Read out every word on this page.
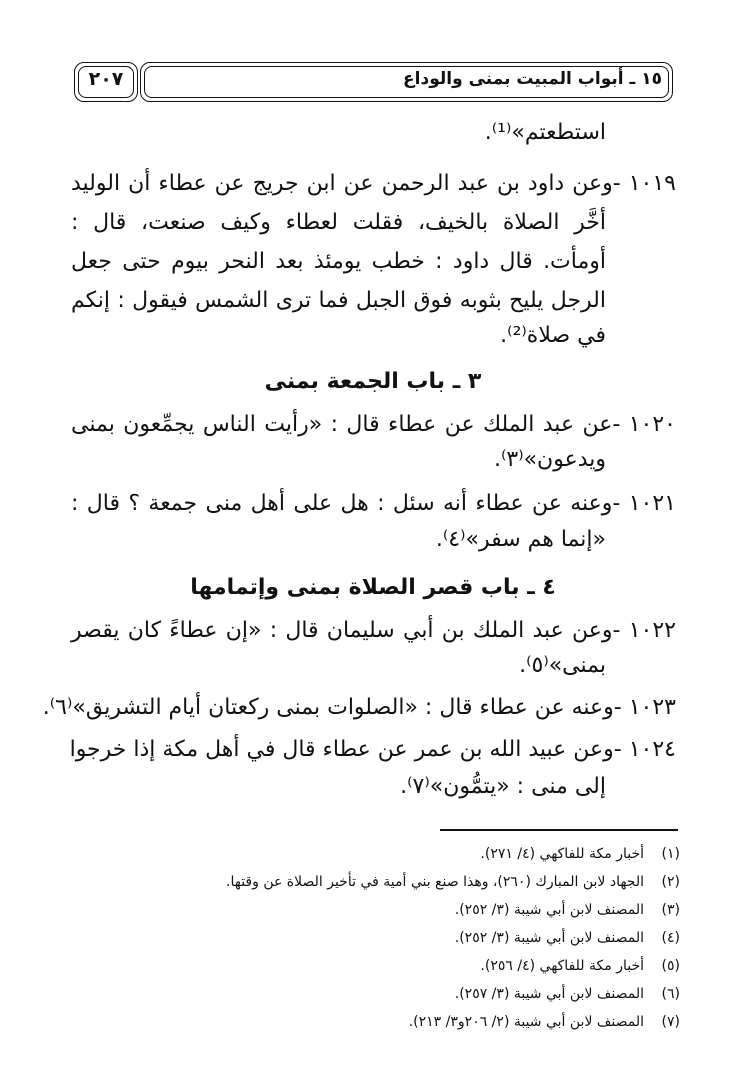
١٥ ـ أبواب المبيت بمنى والوداع
٢٠٧
استطعتم»⁽¹⁾.
١٠١٩ -وعن داود بن عبد الرحمن عن ابن جريج عن عطاء أن الوليد
أخَّر الصلاة بالخيف، فقلت لعطاء وكيف صنعت، قال :
أومأت. قال داود : خطب يومئذ بعد النحر بيوم حتى جعل
الرجل يليح بثوبه فوق الجبل فما ترى الشمس فيقول : إنكم
في صلاة⁽²⁾.
٣ ـ باب الجمعة بمنى
١٠٢٠ -عن عبد الملك عن عطاء قال : «رأيت الناس يجمِّعون بمنى
ويدعون»⁽٣⁾.
١٠٢١ -وعنه عن عطاء أنه سئل : هل على أهل منى جمعة ؟ قال :
«إنما هم سفر»⁽٤⁾.
٤ ـ باب قصر الصلاة بمنى وإتمامها
١٠٢٢ -وعن عبد الملك بن أبي سليمان قال : «إن عطاءً كان يقصر
بمنى»⁽٥⁾.
١٠٢٣ -وعنه عن عطاء قال : «الصلوات بمنى ركعتان أيام التشريق»⁽٦⁾.
١٠٢٤ -وعن عبيد الله بن عمر عن عطاء قال في أهل مكة إذا خرجوا
إلى منى : «يتمُّون»⁽٧⁾.
(١)أخبار مكة للفاكهي (٤/ ٢٧١).
(٢)الجهاد لابن المبارك (٢٦٠)، وهذا صنع بني أمية في تأخير الصلاة عن وقتها.
(٣)المصنف لابن أبي شيبة (٣/ ٢٥٢).
(٤)المصنف لابن أبي شيبة (٣/ ٢٥٢).
(٥)أخبار مكة للفاكهي (٤/ ٢٥٦).
(٦)المصنف لابن أبي شيبة (٣/ ٢٥٧).
(٧)المصنف لابن أبي شيبة (٢/ ٢٠٦و٣/ ٢١٣).
